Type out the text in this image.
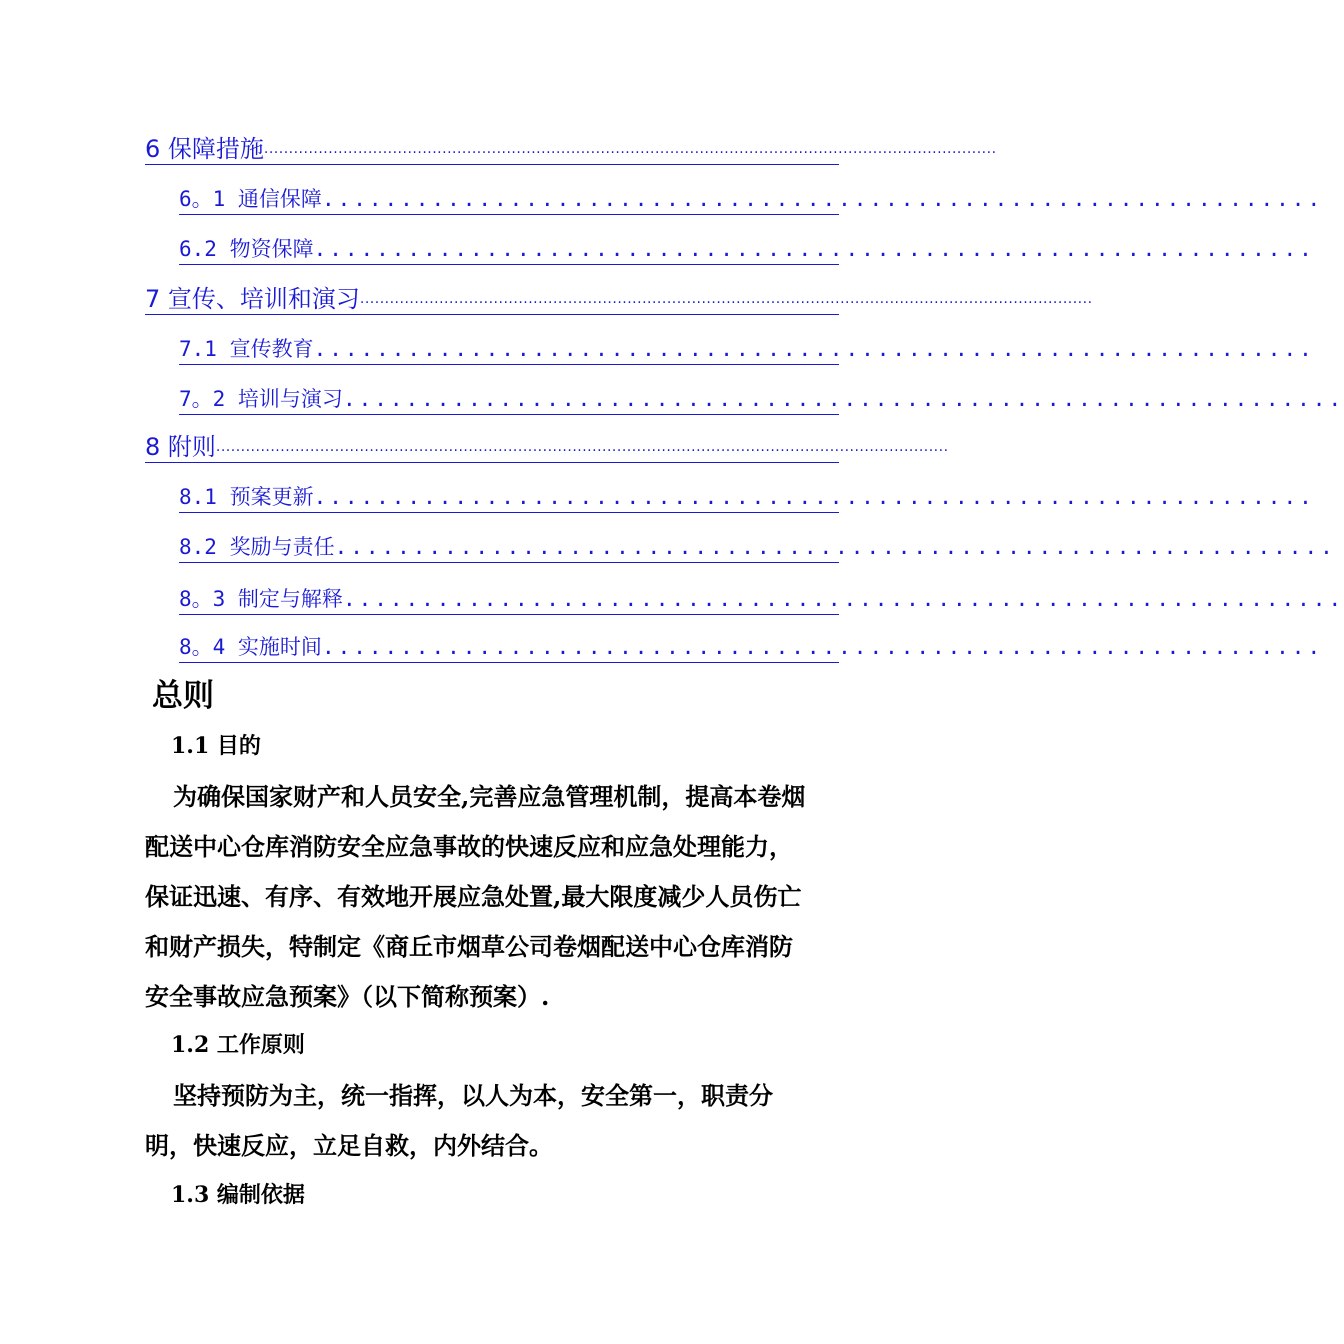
6 保障措施 ....................................................................................................................................................
6。1 通信保障 ................................................................
6.2 物资保障 ................................................................
7 宣传、培训和演习 ....................................................................................................................................................
7.1 宣传教育 ................................................................
7。2 培训与演习 ................................................................
8 附则 ....................................................................................................................................................
8.1 预案更新 ................................................................
8.2 奖励与责任 ................................................................
8。3 制定与解释 ................................................................
8。4 实施时间 ................................................................
总则
1.1 目的

为确保国家财产和人员安全,完善应急管理机制，提高本卷烟配送中心仓库消防安全应急事故的快速反应和应急处理能力，保证迅速、有序、有效地开展应急处置,最大限度减少人员伤亡和财产损失，特制定《商丘市烟草公司卷烟配送中心仓库消防安全事故应急预案》（以下简称预案）.

1.2 工作原则

坚持预防为主，统一指挥，以人为本，安全第一，职责分明，快速反应，立足自救，内外结合。

1.3 编制依据
